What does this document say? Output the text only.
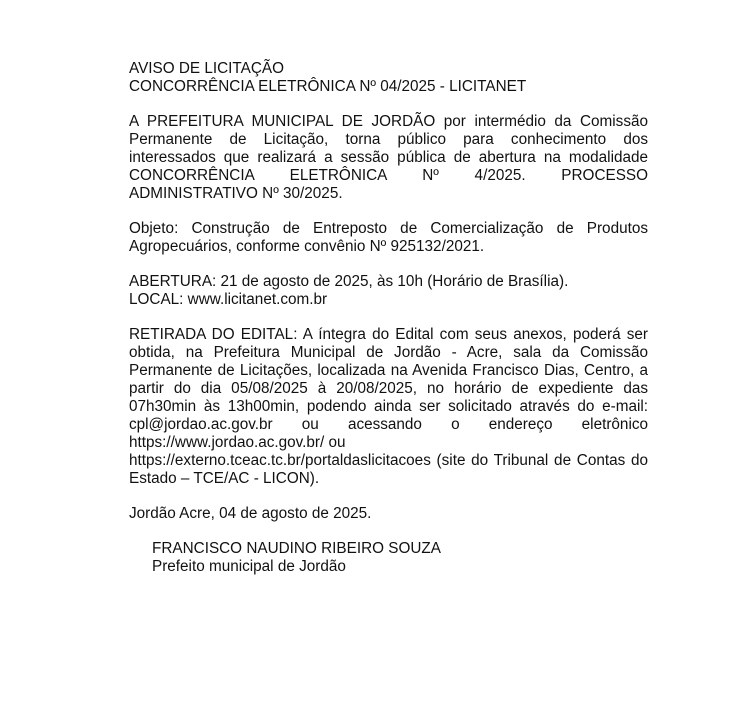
AVISO DE LICITAÇÃO
CONCORRÊNCIA ELETRÔNICA Nº 04/2025 - LICITANET

A PREFEITURA MUNICIPAL DE JORDÃO por intermédio da Comissão Permanente de Licitação, torna público para conhecimento dos interessados que realizará a sessão pública de abertura na modalidade CONCORRÊNCIA ELETRÔNICA Nº 4/2025. PROCESSO ADMINISTRATIVO Nº 30/2025.

Objeto: Construção de Entreposto de Comercialização de Produtos Agropecuários, conforme convênio Nº 925132/2021.

ABERTURA: 21 de agosto de 2025, às 10h (Horário de Brasília).
LOCAL: www.licitanet.com.br

RETIRADA DO EDITAL: A íntegra do Edital com seus anexos, poderá ser obtida, na Prefeitura Municipal de Jordão - Acre, sala da Comissão Permanente de Licitações, localizada na Avenida Francisco Dias, Centro, a partir do dia 05/08/2025 à 20/08/2025, no horário de expediente das 07h30min às 13h00min, podendo ainda ser solicitado através do e-mail: cpl@jordao.ac.gov.br ou acessando o endereço eletrônico https://www.jordao.ac.gov.br/ ou

https://externo.tceac.tc.br/portaldaslicitacoes (site do Tribunal de Contas do Estado – TCE/AC - LICON).

Jordão Acre, 04 de agosto de 2025.
FRANCISCO NAUDINO RIBEIRO SOUZA
Prefeito municipal de Jordão
